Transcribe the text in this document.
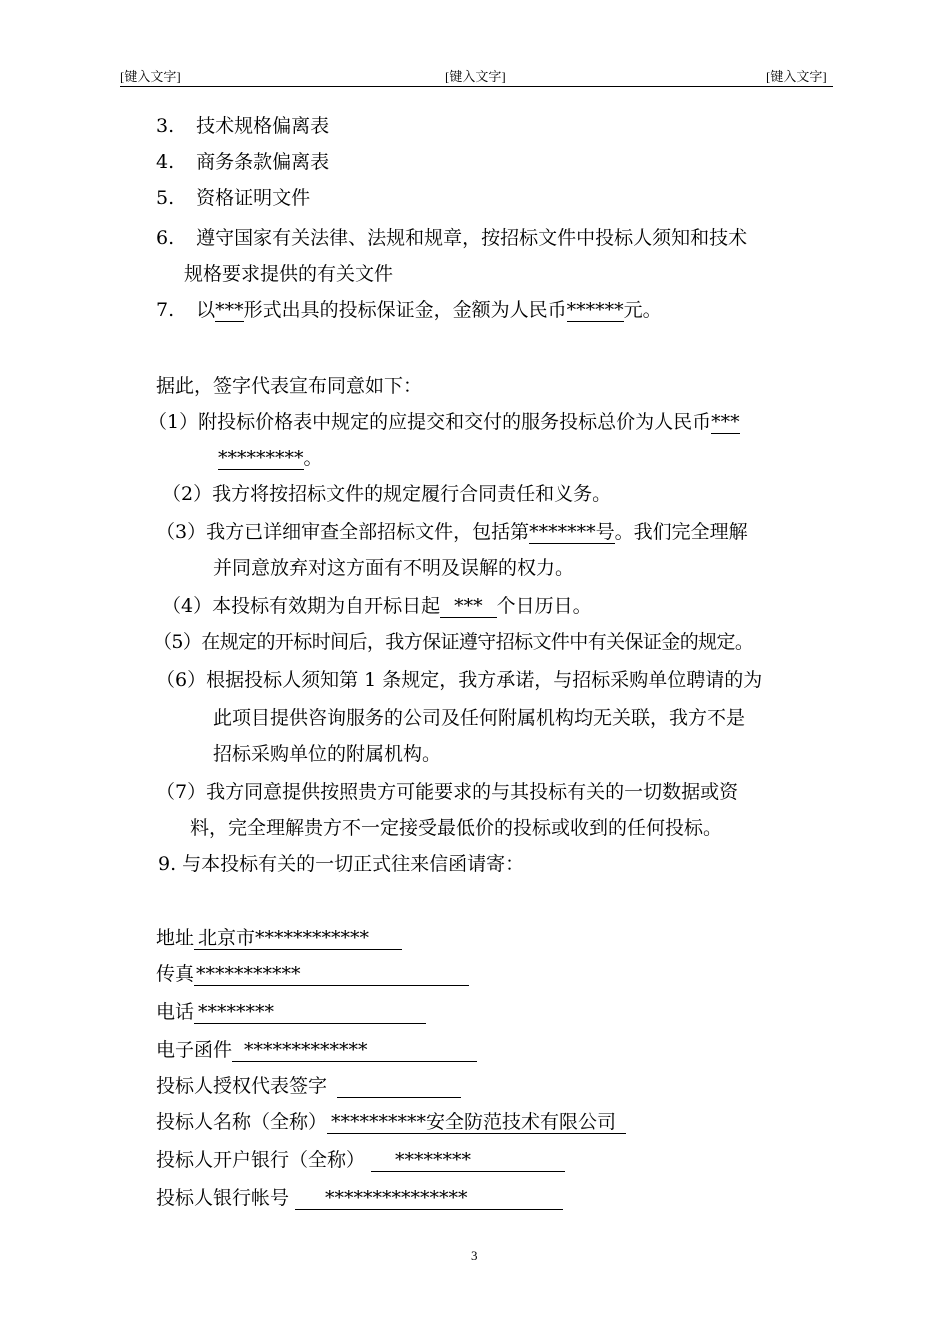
[键入文字]	[键入文字]	[键入文字]
3. 技术规格偏离表
4. 商务条款偏离表
5. 资格证明文件
6. 遵守国家有关法律、法规和规章，按招标文件中投标人须知和技术
规格要求提供的有关文件
7. 以***形式出具的投标保证金，金额为人民币******元。
据此，签字代表宣布同意如下：
（1）附投标价格表中规定的应提交和交付的服务投标总价为人民币***
*********。
（2）我方将按招标文件的规定履行合同责任和义务。
（3）我方已详细审查全部招标文件，包括第*******号。我们完全理解
并同意放弃对这方面有不明及误解的权力。
（4）本投标有效期为自开标日起 *** 个日历日。
（5）在规定的开标时间后，我方保证遵守招标文件中有关保证金的规定。
（6）根据投标人须知第 1 条规定，我方承诺，与招标采购单位聘请的为
此项目提供咨询服务的公司及任何附属机构均无关联，我方不是
招标采购单位的附属机构。
（7）我方同意提供按照贵方可能要求的与其投标有关的一切数据或资
料，完全理解贵方不一定接受最低价的投标或收到的任何投标。
9. 与本投标有关的一切正式往来信函请寄：
地址 北京市************
传真 ***********
电话 ********
电子函件 *************
投标人授权代表签字
投标人名称（全称） **********安全防范技术有限公司
投标人开户银行（全称） ********
投标人银行帐号 ***************
3
